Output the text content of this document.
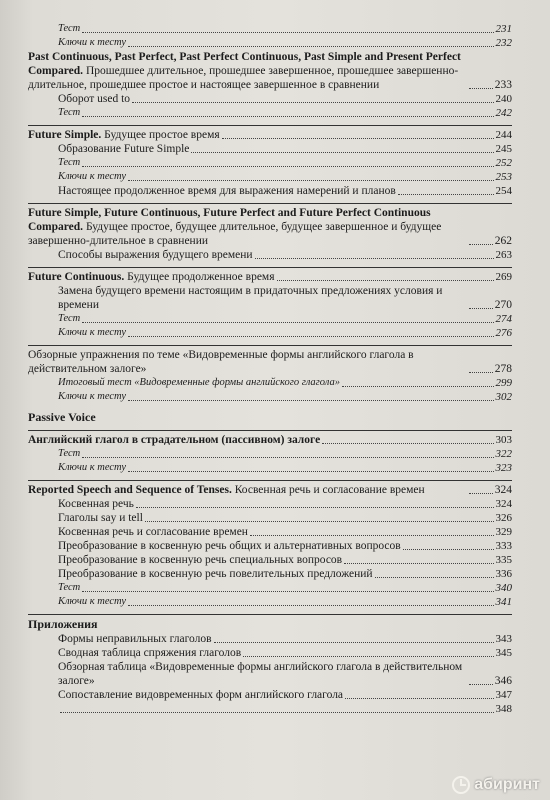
Тест	231
Ключи к тесту	232
Past Continuous, Past Perfect, Past Perfect Continuous, Past Simple and Present Perfect Compared. Прошедшее длительное, прошедшее завершенное, прошедшее завершенно-длительное, прошедшее простое и настоящее завершенное в сравнении	233
Оборот used to	240
Тест	242
Future Simple. Будущее простое время	244
Образование Future Simple	245
Тест	252
Ключи к тесту	253
Настоящее продолженное время для выражения намерений и планов	254
Future Simple, Future Continuous, Future Perfect and Future Perfect Continuous Compared. Будущее простое, будущее длительное, будущее завершенное и будущее завершенно-длительное в сравнении	262
Способы выражения будущего времени	263
Future Continuous. Будущее продолженное время	269
Замена будущего времени настоящим в придаточных предложениях условия и времени	270
Тест	274
Ключи к тесту	276
Обзорные упражнения по теме «Видовременные формы английского глагола в действительном залоге»	278
Итоговый тест «Видовременные формы английского глагола»	299
Ключи к тесту	302
Passive Voice
Английский глагол в страдательном (пассивном) залоге	303
Тест	322
Ключи к тесту	323
Reported Speech and Sequence of Tenses. Косвенная речь и согласование времен	324
Косвенная речь	324
Глаголы say и tell	326
Косвенная речь и согласование времен	329
Преобразование в косвенную речь общих и альтернативных вопросов	333
Преобразование в косвенную речь специальных вопросов	335
Преобразование в косвенную речь повелительных предложений	336
Тест	340
Ключи к тесту	341
Приложения
Формы неправильных глаголов	343
Сводная таблица спряжения глаголов	345
Обзорная таблица «Видовременные формы английского глагола в действительном залоге»	346
Сопоставление видовременных форм английского глагола	347
348
абиринт
